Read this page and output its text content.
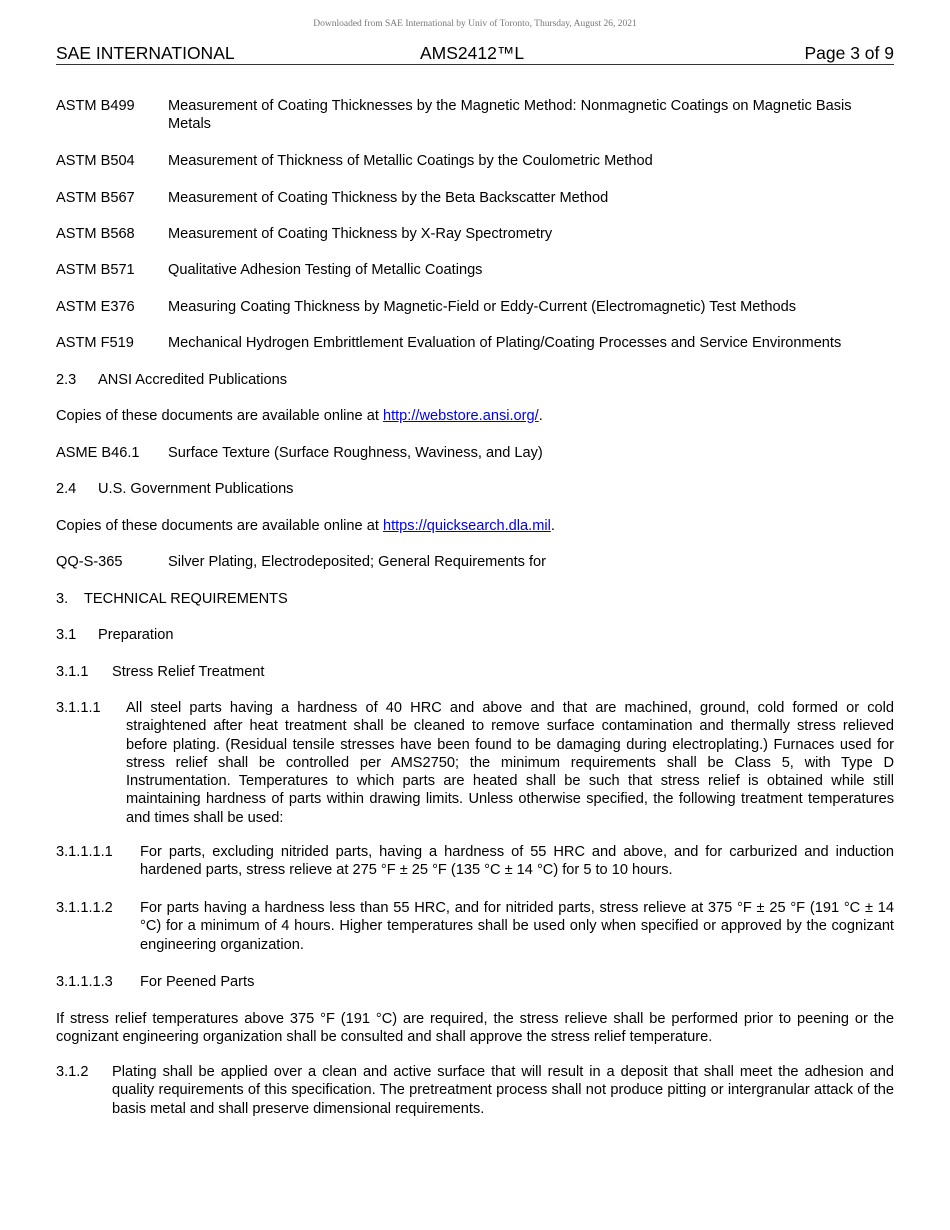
Downloaded from SAE International by Univ of Toronto, Thursday, August 26, 2021
SAE INTERNATIONAL	AMS2412™L	Page 3 of 9
ASTM B499 Measurement of Coating Thicknesses by the Magnetic Method: Nonmagnetic Coatings on Magnetic Basis Metals
ASTM B504 Measurement of Thickness of Metallic Coatings by the Coulometric Method
ASTM B567 Measurement of Coating Thickness by the Beta Backscatter Method
ASTM B568 Measurement of Coating Thickness by X-Ray Spectrometry
ASTM B571 Qualitative Adhesion Testing of Metallic Coatings
ASTM E376 Measuring Coating Thickness by Magnetic-Field or Eddy-Current (Electromagnetic) Test Methods
ASTM F519 Mechanical Hydrogen Embrittlement Evaluation of Plating/Coating Processes and Service Environments
2.3 ANSI Accredited Publications
Copies of these documents are available online at http://webstore.ansi.org/.
ASME B46.1 Surface Texture (Surface Roughness, Waviness, and Lay)
2.4 U.S. Government Publications
Copies of these documents are available online at https://quicksearch.dla.mil.
QQ-S-365	Silver Plating, Electrodeposited; General Requirements for
3. TECHNICAL REQUIREMENTS
3.1 Preparation
3.1.1 Stress Relief Treatment
3.1.1.1 All steel parts having a hardness of 40 HRC and above and that are machined, ground, cold formed or cold straightened after heat treatment shall be cleaned to remove surface contamination and thermally stress relieved before plating. (Residual tensile stresses have been found to be damaging during electroplating.) Furnaces used for stress relief shall be controlled per AMS2750; the minimum requirements shall be Class 5, with Type D Instrumentation. Temperatures to which parts are heated shall be such that stress relief is obtained while still maintaining hardness of parts within drawing limits. Unless otherwise specified, the following treatment temperatures and times shall be used:
3.1.1.1.1 For parts, excluding nitrided parts, having a hardness of 55 HRC and above, and for carburized and induction hardened parts, stress relieve at 275 °F ± 25 °F (135 °C ± 14 °C) for 5 to 10 hours.
3.1.1.1.2 For parts having a hardness less than 55 HRC, and for nitrided parts, stress relieve at 375 °F ± 25 °F (191 °C ± 14 °C) for a minimum of 4 hours. Higher temperatures shall be used only when specified or approved by the cognizant engineering organization.
3.1.1.1.3 For Peened Parts
If stress relief temperatures above 375 °F (191 °C) are required, the stress relieve shall be performed prior to peening or the cognizant engineering organization shall be consulted and shall approve the stress relief temperature.
3.1.2 Plating shall be applied over a clean and active surface that will result in a deposit that shall meet the adhesion and quality requirements of this specification. The pretreatment process shall not produce pitting or intergranular attack of the basis metal and shall preserve dimensional requirements.
